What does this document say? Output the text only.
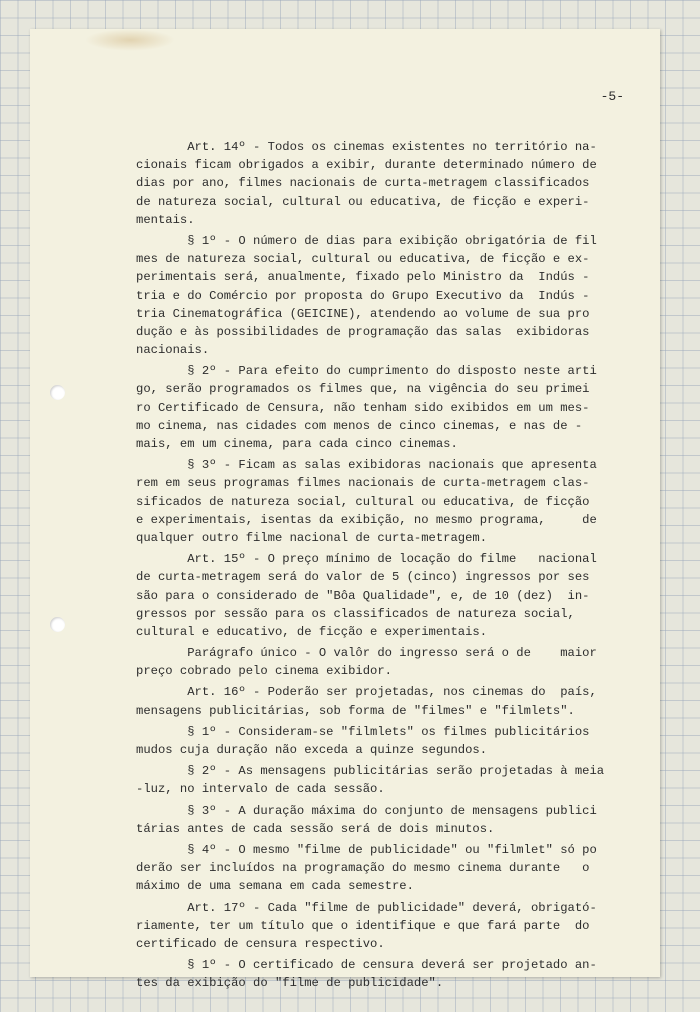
-5-
Art. 14º - Todos os cinemas existentes no território na-
cionais ficam obrigados a exibir, durante determinado número de
dias por ano, filmes nacionais de curta-metragem classificados
de natureza social, cultural ou educativa, de ficção e experi-
mentais.
§ 1º - O número de dias para exibição obrigatória de fil
mes de natureza social, cultural ou educativa, de ficção e ex-
perimentais será, anualmente, fixado pelo Ministro da  Indús -
tria e do Comércio por proposta do Grupo Executivo da  Indús -
tria Cinematográfica (GEICINE), atendendo ao volume de sua pro
dução e às possibilidades de programação das salas  exibidoras
nacionais.
§ 2º - Para efeito do cumprimento do disposto neste arti
go, serão programados os filmes que, na vigência do seu primei
ro Certificado de Censura, não tenham sido exibidos em um mes-
mo cinema, nas cidades com menos de cinco cinemas, e nas de -
mais, em um cinema, para cada cinco cinemas.
§ 3º - Ficam as salas exibidoras nacionais que apresenta
rem em seus programas filmes nacionais de curta-metragem clas-
sificados de natureza social, cultural ou educativa, de ficção
e experimentais, isentas da exibição, no mesmo programa,     de
qualquer outro filme nacional de curta-metragem.
Art. 15º - O preço mínimo de locação do filme   nacional
de curta-metragem será do valor de 5 (cinco) ingressos por ses
são para o considerado de "Bôa Qualidade", e, de 10 (dez)  in-
gressos por sessão para os classificados de natureza social,
cultural e educativo, de ficção e experimentais.
Parágrafo único - O valôr do ingresso será o de    maior
preço cobrado pelo cinema exibidor.
Art. 16º - Poderão ser projetadas, nos cinemas do  país,
mensagens publicitárias, sob forma de "filmes" e "filmlets".
§ 1º - Consideram-se "filmlets" os filmes publicitários
mudos cuja duração não exceda a quinze segundos.
§ 2º - As mensagens publicitárias serão projetadas à meia
-luz, no intervalo de cada sessão.
§ 3º - A duração máxima do conjunto de mensagens publici
tárias antes de cada sessão será de dois minutos.
§ 4º - O mesmo "filme de publicidade" ou "filmlet" só po
derão ser incluídos na programação do mesmo cinema durante   o
máximo de uma semana em cada semestre.
Art. 17º - Cada "filme de publicidade" deverá, obrigató-
riamente, ter um título que o identifique e que fará parte  do
certificado de censura respectivo.
§ 1º - O certificado de censura deverá ser projetado an-
tes da exibição do "filme de publicidade".
